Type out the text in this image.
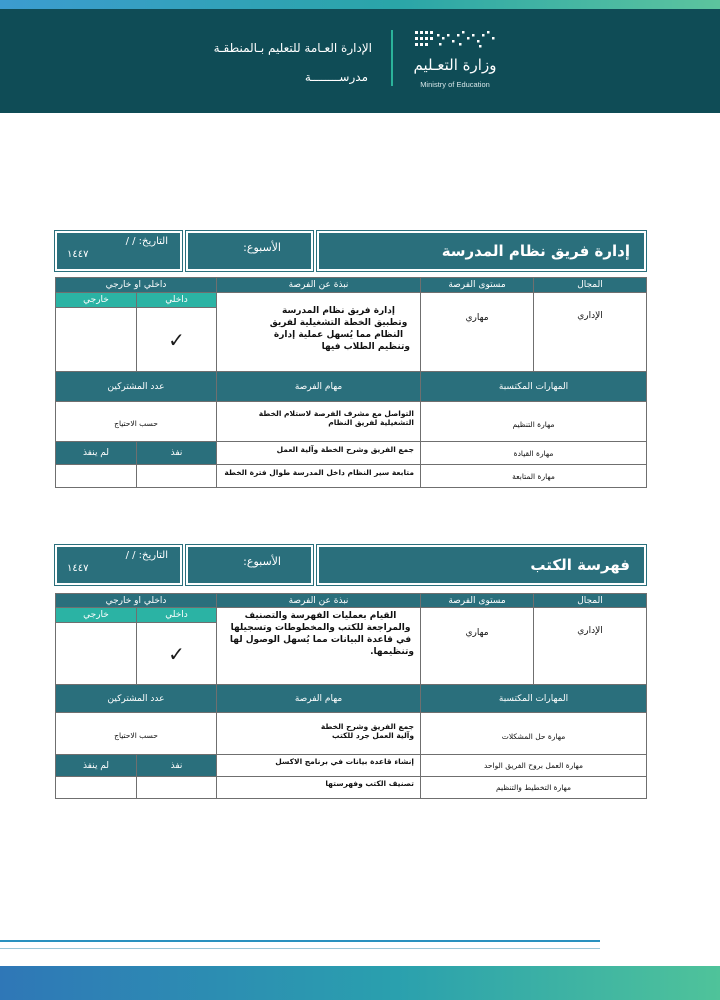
وزارة التعـليم
Ministry of Education
الإدارة العـامة للتعليم بـالمنطقـة
مدرســــــــة
إدارة فريق نظام المدرسة
الأسبوع:
التاريخ: / /
١٤٤٧
المجال	مستوى الفرصة	نبذة عن الفرصة	داخلي او خارجي	
الإداري	مهاري	إدارة فريق نظام المدرسة وتطبيق الخطة التشغيلية لفريق النظام مما يُسهل عملية إدارة وتنظيم الطلاب فيها	داخلي	خارجي
			✓	
المهارات المكتسبة		مهام الفرصة	عدد المشتركين	
مهارة التنظيم		التواصل مع مشرف الفرصة لاستلام الخطة التشغيلية لفريق النظام	حسب الاحتياج	
مهارة القيادة		جمع الفريق وشرح الخطة وآلية العمل	نفذ	لم ينفذ
مهارة المتابعة		متابعة سير النظام داخل المدرسة طوال فترة الخطة		
فهرسة الكتب
الأسبوع:
التاريخ: / /
١٤٤٧
المجال	مستوى الفرصة	نبذة عن الفرصة	داخلي او خارجي	
الإداري	مهاري	القيام بعمليات الفهرسة والتصنيف والمراجعة للكتب والمخطوطات وتسجيلها في قاعدة البيانات مما يُسهل الوصول لها وتنظيمها.	داخلي	خارجي
			✓	
المهارات المكتسبة		مهام الفرصة	عدد المشتركين	
مهارة حل المشكلات		جمع الفريق وشرح الخطة وآلية العمل جرد للكتب	حسب الاحتياج	
مهارة العمل بروح الفريق الواحد		إنشاء قاعدة بيانات في برنامج الاكسل	نفذ	لم ينفذ
مهارة التخطيط والتنظيم		تصنيف الكتب وفهرستها		
